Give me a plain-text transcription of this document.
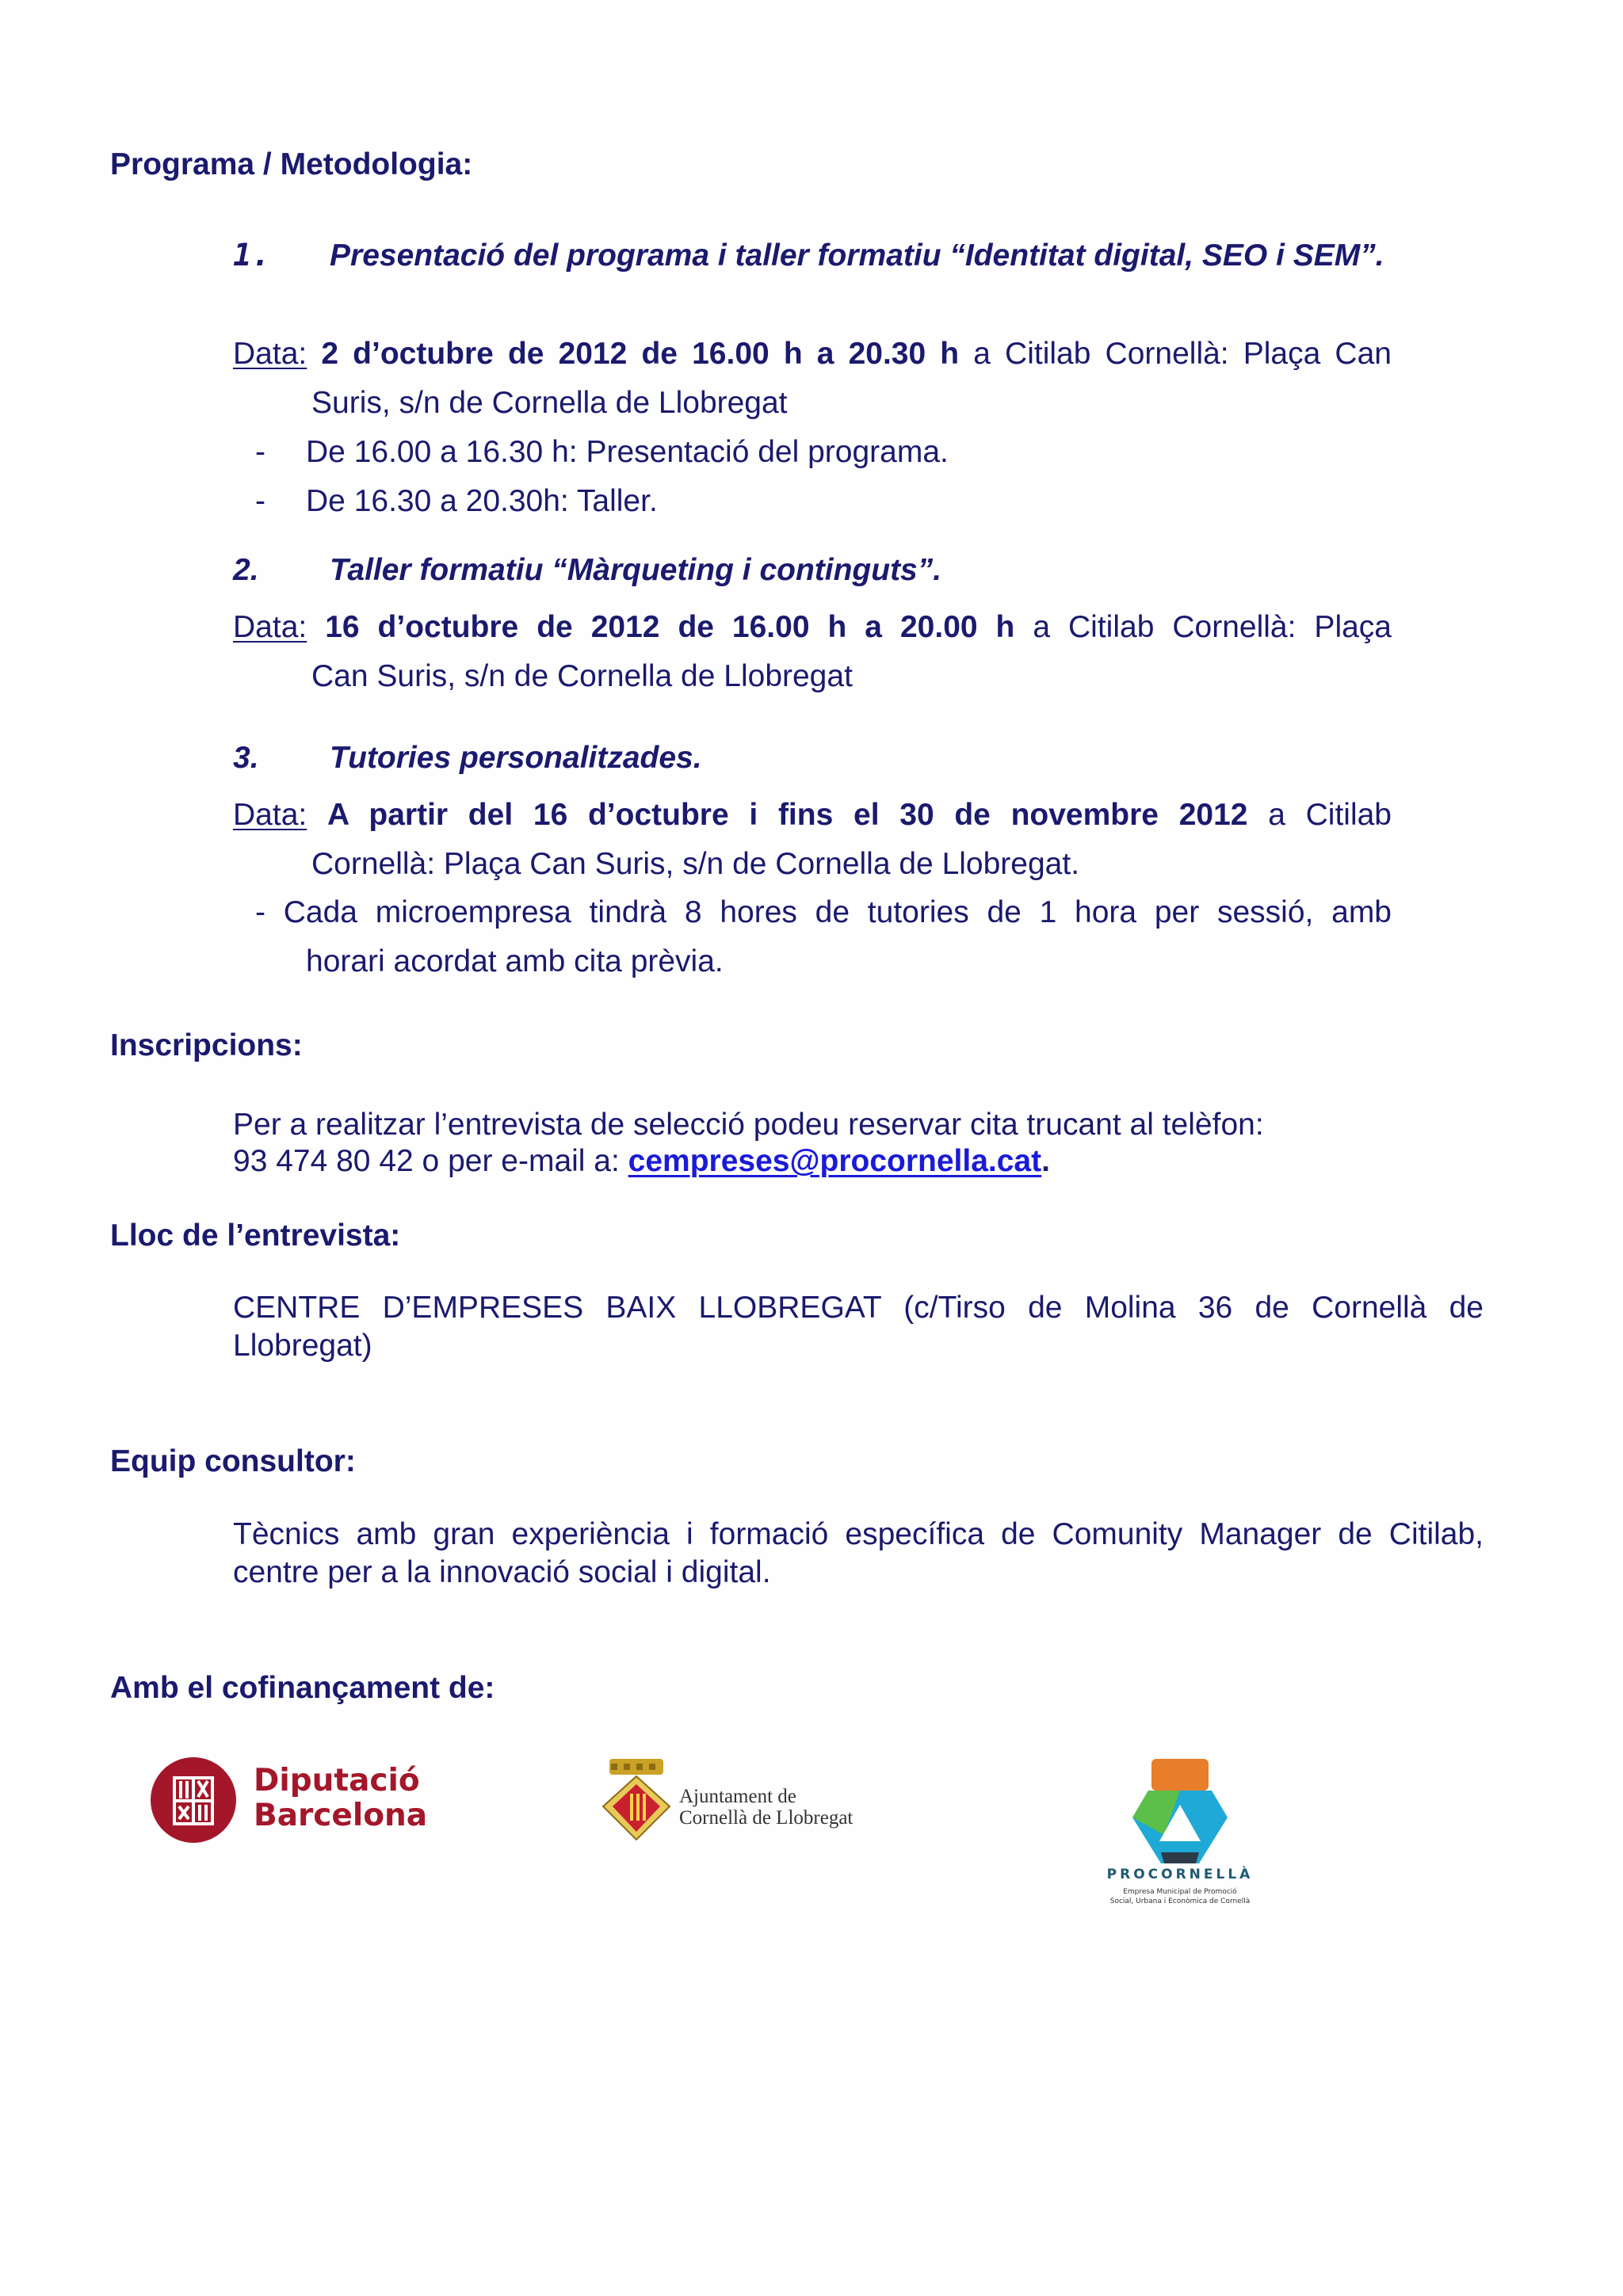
Programa / Metodologia:
1. Presentació del programa i taller formatiu “Identitat digital, SEO i SEM”.
Data: 2 d’octubre de 2012 de 16.00 h a 20.30 h a Citilab Cornellà: Plaça Can
Suris, s/n de Cornella de Llobregat
- De 16.00 a 16.30 h: Presentació del programa.
- De 16.30 a 20.30h: Taller.
2. Taller formatiu “Màrqueting i continguts”.
Data: 16 d’octubre de 2012 de 16.00 h a 20.00 h a Citilab Cornellà: Plaça
Can Suris, s/n de Cornella de Llobregat
3. Tutories personalitzades.
Data: A partir del 16 d’octubre i fins el 30 de novembre 2012 a Citilab
Cornellà: Plaça Can Suris, s/n de Cornella de Llobregat.
- Cada microempresa tindrà 8 hores de tutories de 1 hora per sessió, amb
horari acordat amb cita prèvia.
Inscripcions:
Per a realitzar l’entrevista de selecció podeu reservar cita trucant al telèfon:
93 474 80 42 o per e-mail a: cempreses@procornella.cat.
Lloc de l’entrevista:
CENTRE D’EMPRESES BAIX LLOBREGAT (c/Tirso de Molina 36 de Cornellà de
Llobregat)
Equip consultor:
Tècnics amb gran experiència i formació específica de Comunity Manager de Citilab,
centre per a la innovació social i digital.
Amb el cofinançament de:
Diputació
Barcelona
Ajuntament de
Cornellà de Llobregat
PROCORNELLÀ
Empresa Municipal de Promoció
Social, Urbana i Econòmica de Cornellà
